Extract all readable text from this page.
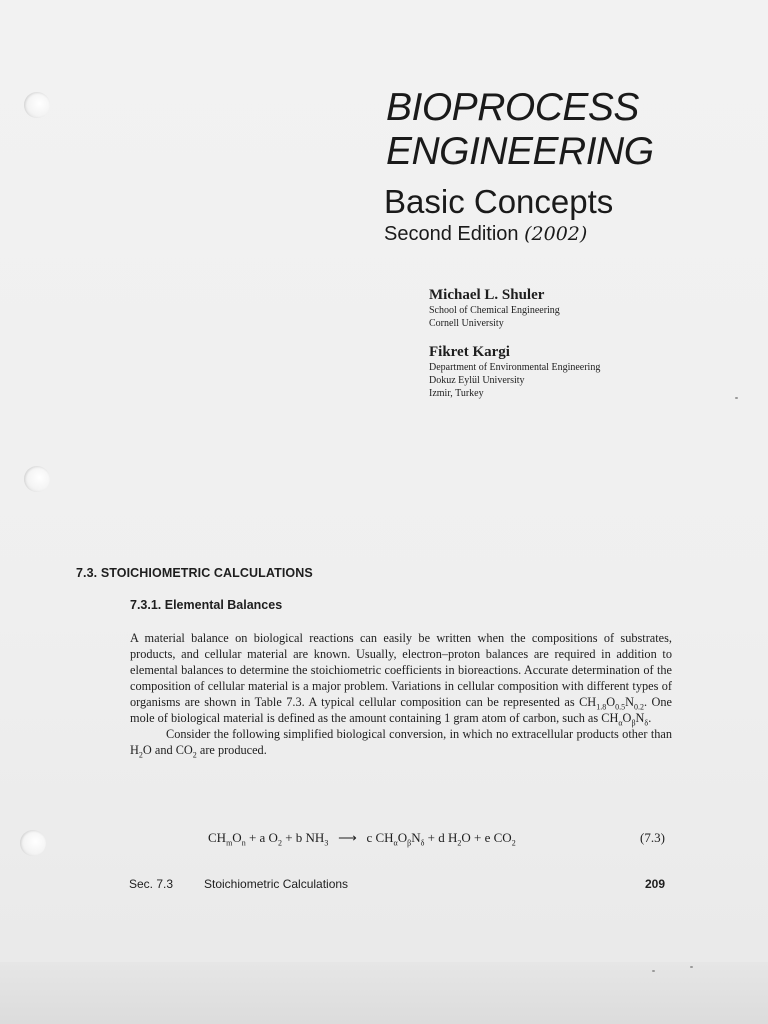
BIOPROCESS
ENGINEERING
Basic Concepts
Second Edition (2002)
Michael L. Shuler
School of Chemical Engineering
Cornell University
Fikret Kargi
Department of Environmental Engineering
Dokuz Eylül University
Izmir, Turkey
7.3. STOICHIOMETRIC CALCULATIONS
7.3.1. Elemental Balances

A material balance on biological reactions can easily be written when the compositions of substrates, products, and cellular material are known. Usually, electron–proton balances are required in addition to elemental balances to determine the stoichiometric coefficients in bioreactions. Accurate determination of the composition of cellular material is a major problem. Variations in cellular composition with different types of organisms are shown in Table 7.3. A typical cellular composition can be represented as $CH_{1.8}O_{0.5}N_{0.2}$. One mole of biological material is defined as the amount containing 1 gram atom of carbon, such as $CH_\alpha O_\beta N_\delta$.

Consider the following simplified biological conversion, in which no extracellular products other than $H_2O$ and $CO_2$ are produced.

$CH_mO_n + a$ $O_2 + b$ $NH_3$ ⟶ c $CH_\alpha O_\beta N_\delta + d$ $H_2O + e$ $CO_2$	(7.3)
Sec. 7.3	Stoichiometric Calculations	209
